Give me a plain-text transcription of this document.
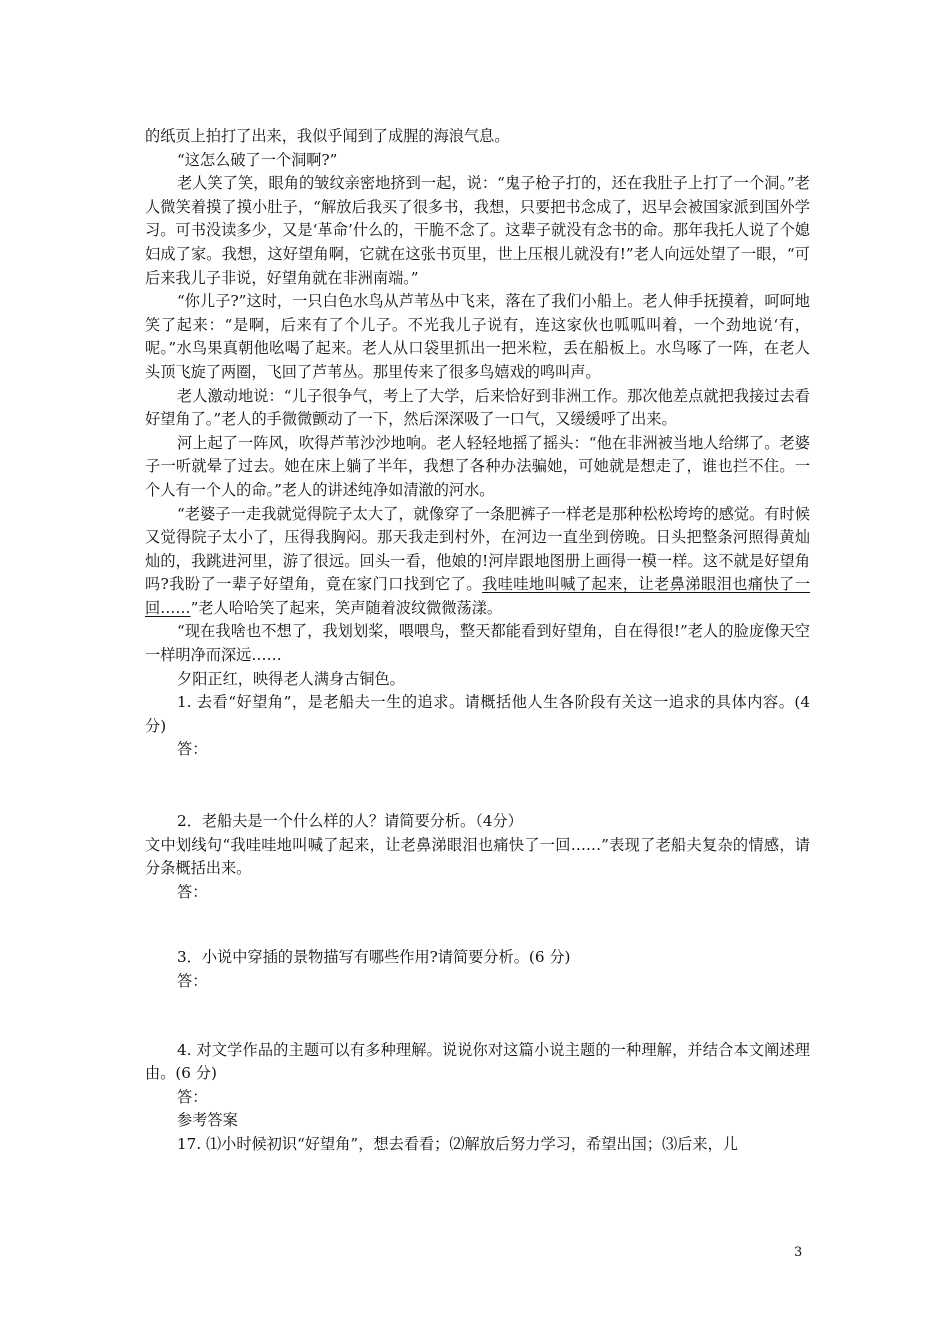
的纸页上拍打了出来，我似乎闻到了成腥的海浪气息。

“这怎么破了一个洞啊?”

老人笑了笑，眼角的皱纹亲密地挤到一起，说：“鬼子枪子打的，还在我肚子上打了一个洞。”老人微笑着摸了摸小肚子，“解放后我买了很多书，我想，只要把书念成了，迟早会被国家派到国外学习。可书没读多少，又是‘革命’什么的，干脆不念了。这辈子就没有念书的命。那年我托人说了个媳妇成了家。我想，这好望角啊，它就在这张书页里，世上压根儿就没有!”老人向远处望了一眼，“可后来我儿子非说，好望角就在非洲南端。”

“你儿子?”这时，一只白色水鸟从芦苇丛中飞来，落在了我们小船上。老人伸手抚摸着，呵呵地笑了起来：“是啊，后来有了个儿子。不光我儿子说有，连这家伙也呱呱叫着，一个劲地说‘有，呢。”水鸟果真朝他吆喝了起来。老人从口袋里抓出一把米粒，丢在船板上。水鸟啄了一阵，在老人头顶飞旋了两圈，飞回了芦苇丛。那里传来了很多鸟嬉戏的鸣叫声。

老人激动地说：“儿子很争气，考上了大学，后来恰好到非洲工作。那次他差点就把我接过去看好望角了。”老人的手微微颤动了一下，然后深深吸了一口气，又缓缓呼了出来。

河上起了一阵风，吹得芦苇沙沙地响。老人轻轻地摇了摇头：“他在非洲被当地人给绑了。老婆子一听就晕了过去。她在床上躺了半年，我想了各种办法骗她，可她就是想走了，谁也拦不住。一个人有一个人的命。”老人的讲述纯净如清澈的河水。

“老婆子一走我就觉得院子太大了，就像穿了一条肥裤子一样老是那种松松垮垮的感觉。有时候又觉得院子太小了，压得我胸闷。那天我走到村外，在河边一直坐到傍晚。日头把整条河照得黄灿灿的，我跳进河里，游了很远。回头一看，他娘的!河岸跟地图册上画得一模一样。这不就是好望角吗?我盼了一辈子好望角，竟在家门口找到它了。我哇哇地叫喊了起来，让老鼻涕眼泪也痛快了一回……”老人哈哈笑了起来，笑声随着波纹微微荡漾。

“现在我啥也不想了，我划划桨，喂喂鸟，整天都能看到好望角，自在得很!”老人的脸庞像天空一样明净而深远……

夕阳正红，映得老人满身古铜色。

1. 去看“好望角”，是老船夫一生的追求。请概括他人生各阶段有关这一追求的具体内容。(4 分)

答：

2．老船夫是一个什么样的人？请简要分析。（4分）

文中划线句“我哇哇地叫喊了起来，让老鼻涕眼泪也痛快了一回……”表现了老船夫复杂的情感，请分条概括出来。

答：

3．小说中穿插的景物描写有哪些作用?请简要分析。(6 分)

答：

4. 对文学作品的主题可以有多种理解。说说你对这篇小说主题的一种理解，并结合本文阐述理由。(6 分)

答：

参考答案

17. ⑴小时候初识“好望角”，想去看看；⑵解放后努力学习，希望出国；⑶后来，儿

3
